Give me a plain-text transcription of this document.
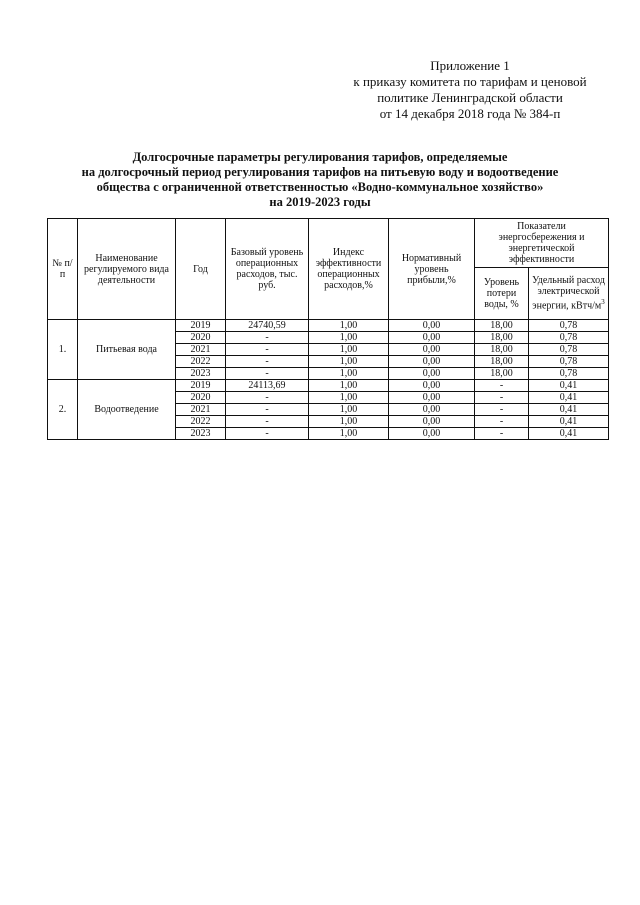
Приложение 1
к приказу комитета по тарифам и ценовой
политике Ленинградской области
от 14 декабря 2018 года № 384-п
Долгосрочные параметры регулирования тарифов, определяемые
на долгосрочный период регулирования тарифов на питьевую воду и водоотведение
общества с ограниченной ответственностью «Водно-коммунальное хозяйство»
на 2019-2023 годы
№ п/п	Наименование регулируемого вида деятельности	Год	Базовый уровень операционных расходов, тыс. руб.	Индекс эффективности операционных расходов,%	Нормативный уровень прибыли,%	Показатели энергосбережения и энергетической эффективности	
						Уровень потери воды, %	Удельный расход электрической энергии, кВтч/$м^3$
1.	Питьевая вода	2019	24740,59	1,00	0,00	18,00	0,78
		2020	-	1,00	0,00	18,00	0,78
		2021	-	1,00	0,00	18,00	0,78
		2022	-	1,00	0,00	18,00	0,78
		2023	-	1,00	0,00	18,00	0,78
2.	Водоотведение	2019	24113,69	1,00	0,00	-	0,41
		2020	-	1,00	0,00	-	0,41
		2021	-	1,00	0,00	-	0,41
		2022	-	1,00	0,00	-	0,41
		2023	-	1,00	0,00	-	0,41
